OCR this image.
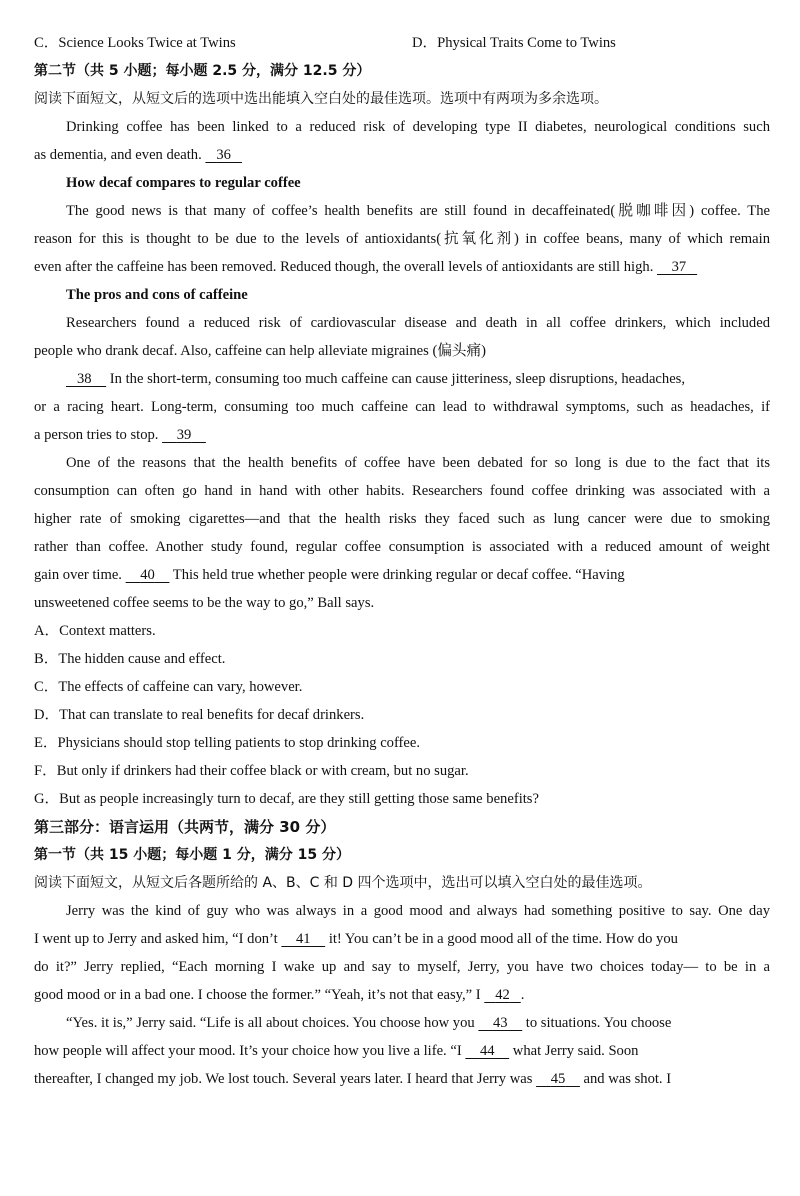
C．Science Looks Twice at Twins	D．Physical Traits Come to Twins
第二节（共 5 小题；每小题 2.5 分，满分 12.5 分）
阅读下面短文，从短文后的选项中选出能填入空白处的最佳选项。选项中有两项为多余选项。
Drinking coffee has been linked to a reduced risk of developing type II diabetes, neurological conditions such
as dementia, and even death. 36
How decaf compares to regular coffee
The good news is that many of coffee’s health benefits are still found in decaffeinated(脱咖啡因) coffee. The
reason for this is thought to be due to the levels of antioxidants(抗氧化剂) in coffee beans, many of which remain
even after the caffeine has been removed. Reduced though, the overall levels of antioxidants are still high. 37
The pros and cons of caffeine
Researchers found a reduced risk of cardiovascular disease and death in all coffee drinkers, which included
people who drank decaf. Also, caffeine can help alleviate migraines (偏头痛)
38 In the short-term, consuming too much caffeine can cause jitteriness, sleep disruptions, headaches,
or a racing heart. Long-term, consuming too much caffeine can lead to withdrawal symptoms, such as headaches, if
a person tries to stop. 39
One of the reasons that the health benefits of coffee have been debated for so long is due to the fact that its
consumption can often go hand in hand with other habits. Researchers found coffee drinking was associated with a
higher rate of smoking cigarettes—and that the health risks they faced such as lung cancer were due to smoking
rather than coffee. Another study found, regular coffee consumption is associated with a reduced amount of weight
gain over time. 40 This held true whether people were drinking regular or decaf coffee. “Having
unsweetened coffee seems to be the way to go,” Ball says.
A．Context matters.
B．The hidden cause and effect.
C．The effects of caffeine can vary, however.
D．That can translate to real benefits for decaf drinkers.
E．Physicians should stop telling patients to stop drinking coffee.
F．But only if drinkers had their coffee black or with cream, but no sugar.
G．But as people increasingly turn to decaf, are they still getting those same benefits?
第三部分：语言运用（共两节，满分 30 分）
第一节（共 15 小题；每小题 1 分，满分 15 分）
阅读下面短文，从短文后各题所给的 A、B、C 和 D 四个选项中，选出可以填入空白处的最佳选项。
Jerry was the kind of guy who was always in a good mood and always had something positive to say. One day
I went up to Jerry and asked him, “I don’t 41 it! You can’t be in a good mood all of the time. How do you
do it?” Jerry replied, “Each morning I wake up and say to myself, Jerry, you have two choices today— to be in a
good mood or in a bad one. I choose the former.” “Yeah, it’s not that easy,” I 42 .
“Yes. it is,” Jerry said. “Life is all about choices. You choose how you 43 to situations. You choose
how people will affect your mood. It’s your choice how you live a life. “I 44 what Jerry said. Soon
thereafter, I changed my job. We lost touch. Several years later. I heard that Jerry was 45 and was shot. I
